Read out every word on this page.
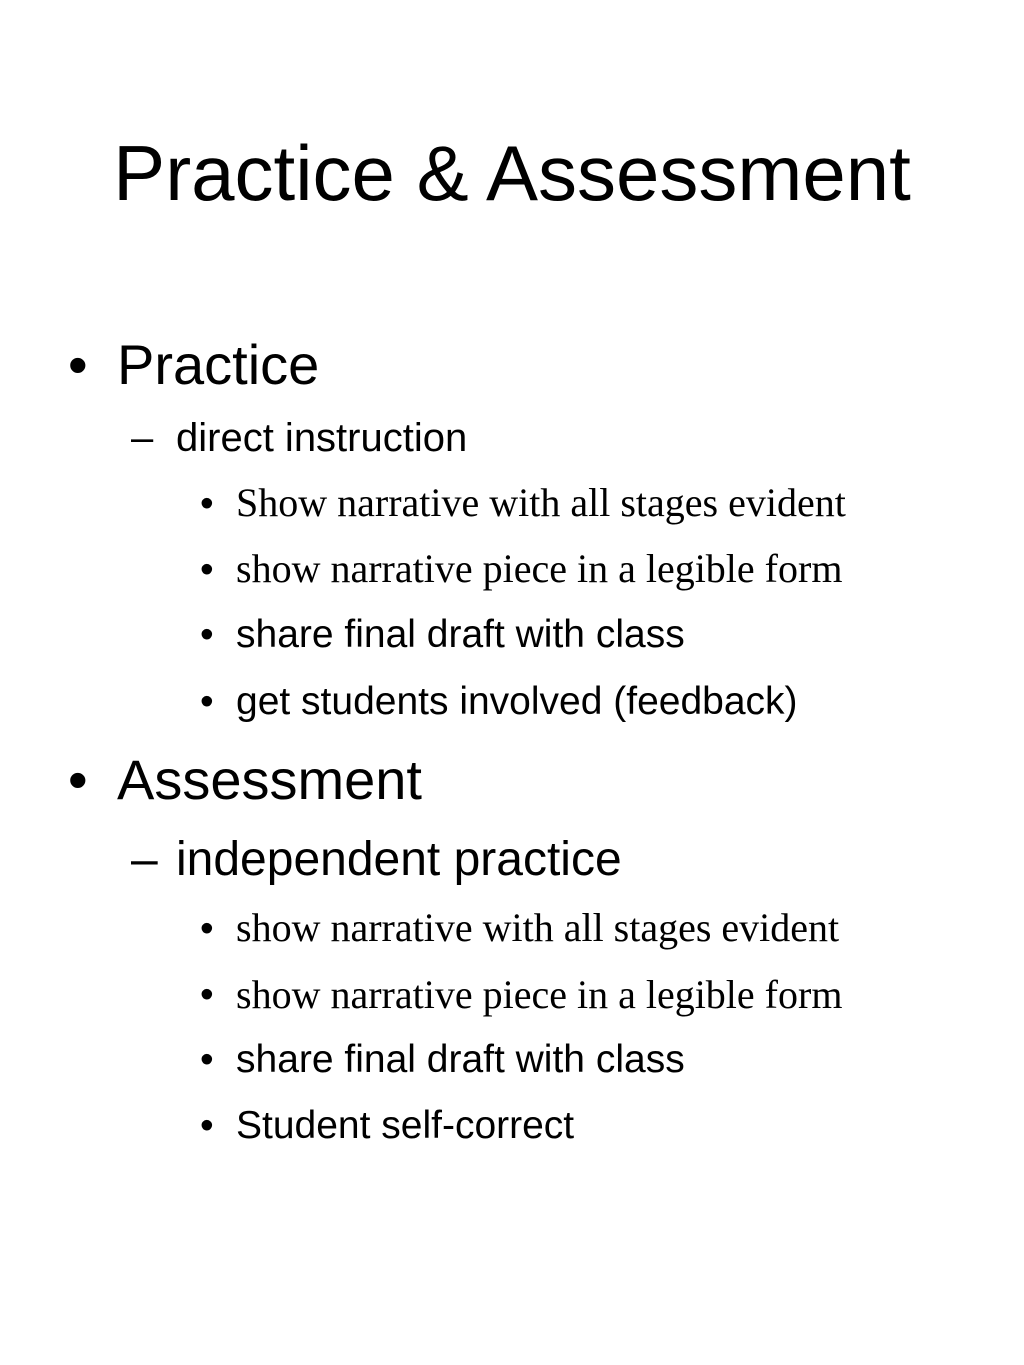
Practice & Assessment
• Practice
– direct instruction
• Show narrative with all stages evident
• show narrative piece in a legible form
• share final draft with class
• get students involved (feedback)
• Assessment
– independent practice
• show narrative with all stages evident
• show narrative piece in a legible form
• share final draft with class
• Student self-correct
